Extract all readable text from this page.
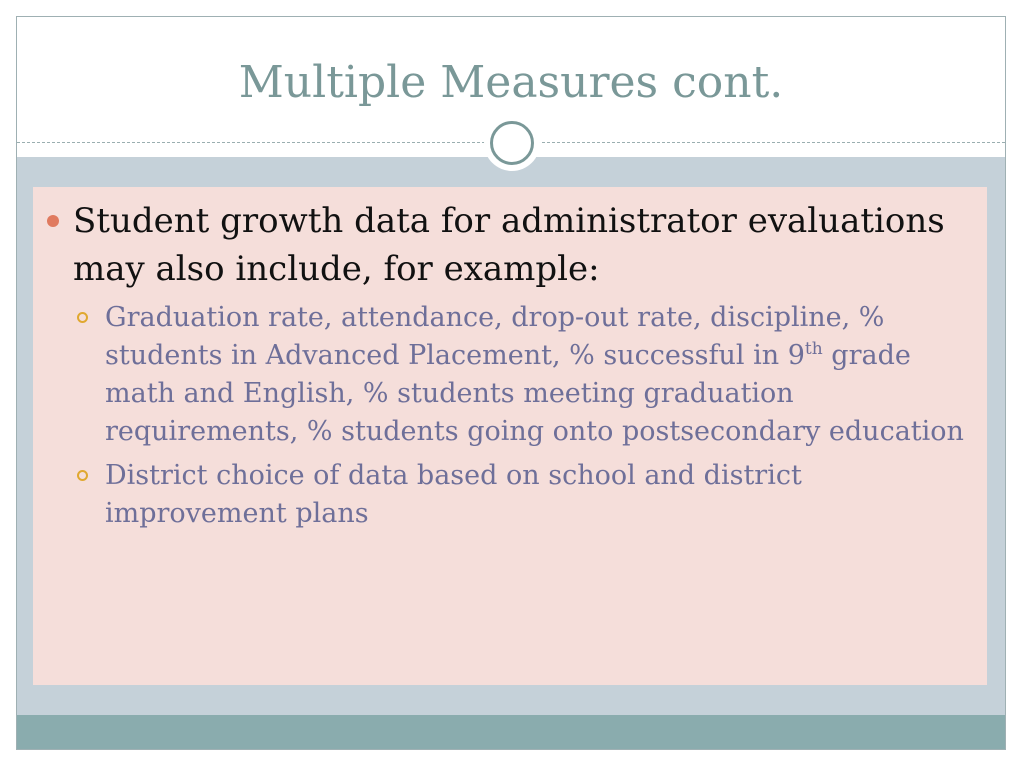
Multiple Measures cont.
Student growth data for administrator evaluations may also include, for example:
Graduation rate, attendance, drop-out rate, discipline, % students in Advanced Placement, % successful in 9th grade math and English, % students meeting graduation requirements, % students going onto postsecondary education
District choice of data based on school and district improvement plans
